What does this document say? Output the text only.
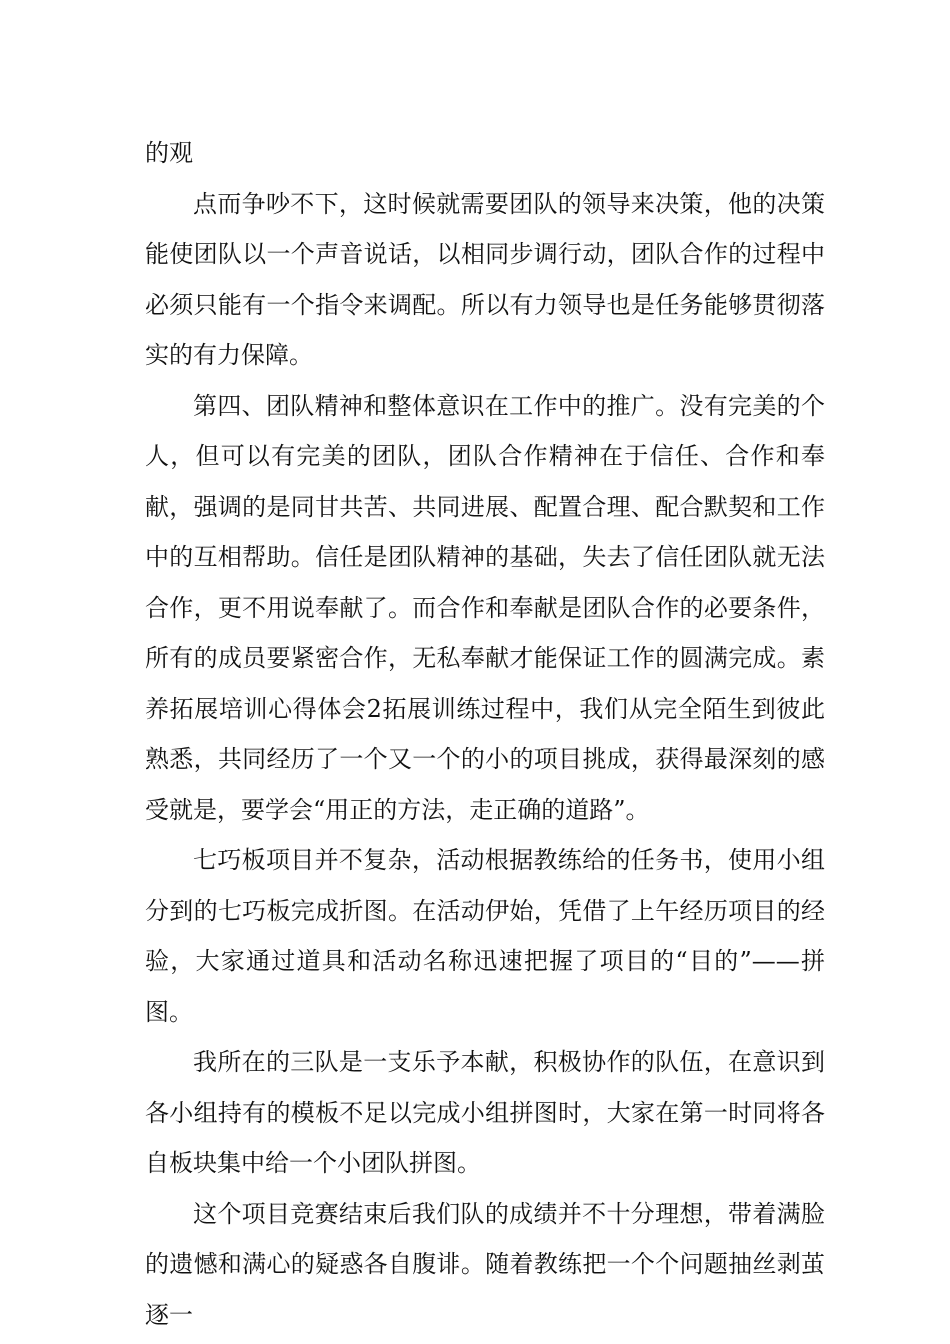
的观

点而争吵不下，这时候就需要团队的领导来决策，他的决策能使团队以一个声音说话，以相同步调行动，团队合作的过程中必须只能有一个指令来调配。所以有力领导也是任务能够贯彻落实的有力保障。

第四、团队精神和整体意识在工作中的推广。没有完美的个人，但可以有完美的团队，团队合作精神在于信任、合作和奉献，强调的是同甘共苦、共同进展、配置合理、配合默契和工作中的互相帮助。信任是团队精神的基础，失去了信任团队就无法合作，更不用说奉献了。而合作和奉献是团队合作的必要条件，所有的成员要紧密合作，无私奉献才能保证工作的圆满完成。素养拓展培训心得体会2拓展训练过程中，我们从完全陌生到彼此熟悉，共同经历了一个又一个的小的项目挑成，获得最深刻的感受就是，要学会“用正的方法，走正确的道路”。

七巧板项目并不复杂，活动根据教练给的任务书，使用小组分到的七巧板完成折图。在活动伊始，凭借了上午经历项目的经验，大家通过道具和活动名称迅速把握了项目的“目的”——拼图。

我所在的三队是一支乐予本献，积极协作的队伍，在意识到各小组持有的模板不足以完成小组拼图时，大家在第一时同将各自板块集中给一个小团队拼图。

这个项目竞赛结束后我们队的成绩并不十分理想，带着满脸的遗憾和满心的疑惑各自腹诽。随着教练把一个个问题抽丝剥茧逐一
